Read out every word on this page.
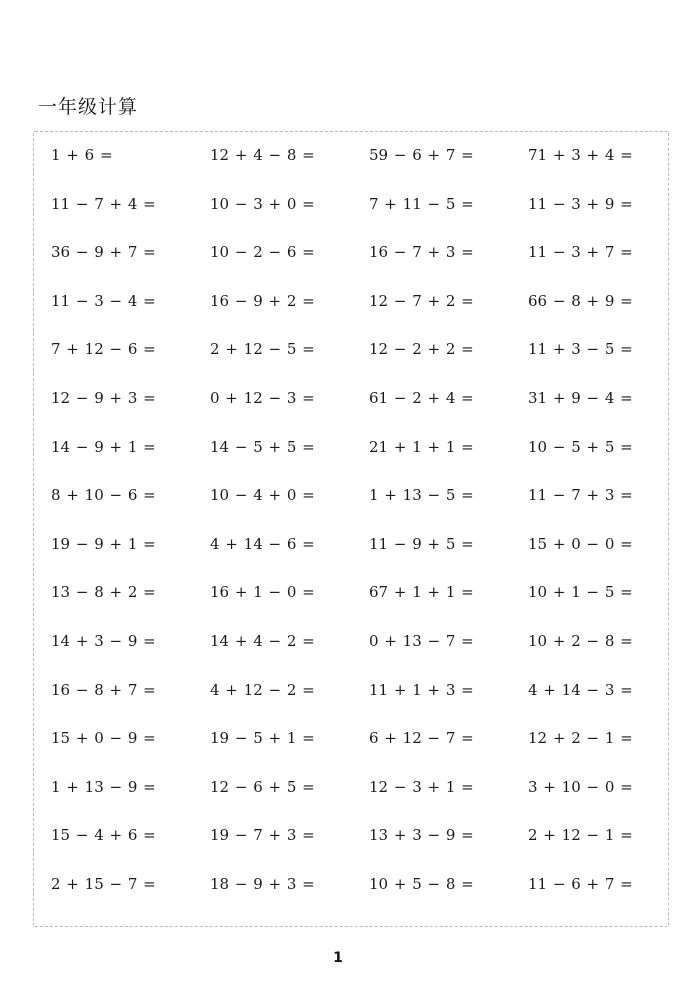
一年级计算
1 + 6 =	12 + 4 − 8 =	59 − 6 + 7 =	71 + 3 + 4 =
11 − 7 + 4 =	10 − 3 + 0 =	7 + 11 − 5 =	11 − 3 + 9 =
36 − 9 + 7 =	10 − 2 − 6 =	16 − 7 + 3 =	11 − 3 + 7 =
11 − 3 − 4 =	16 − 9 + 2 =	12 − 7 + 2 =	66 − 8 + 9 =
7 + 12 − 6 =	2 + 12 − 5 =	12 − 2 + 2 =	11 + 3 − 5 =
12 − 9 + 3 =	0 + 12 − 3 =	61 − 2 + 4 =	31 + 9 − 4 =
14 − 9 + 1 =	14 − 5 + 5 =	21 + 1 + 1 =	10 − 5 + 5 =
8 + 10 − 6 =	10 − 4 + 0 =	1 + 13 − 5 =	11 − 7 + 3 =
19 − 9 + 1 =	4 + 14 − 6 =	11 − 9 + 5 =	15 + 0 − 0 =
13 − 8 + 2 =	16 + 1 − 0 =	67 + 1 + 1 =	10 + 1 − 5 =
14 + 3 − 9 =	14 + 4 − 2 =	0 + 13 − 7 =	10 + 2 − 8 =
16 − 8 + 7 =	4 + 12 − 2 =	11 + 1 + 3 =	4 + 14 − 3 =
15 + 0 − 9 =	19 − 5 + 1 =	6 + 12 − 7 =	12 + 2 − 1 =
1 + 13 − 9 =	12 − 6 + 5 =	12 − 3 + 1 =	3 + 10 − 0 =
15 − 4 + 6 =	19 − 7 + 3 =	13 + 3 − 9 =	2 + 12 − 1 =
2 + 15 − 7 =	18 − 9 + 3 =	10 + 5 − 8 =	11 − 6 + 7 =
1
